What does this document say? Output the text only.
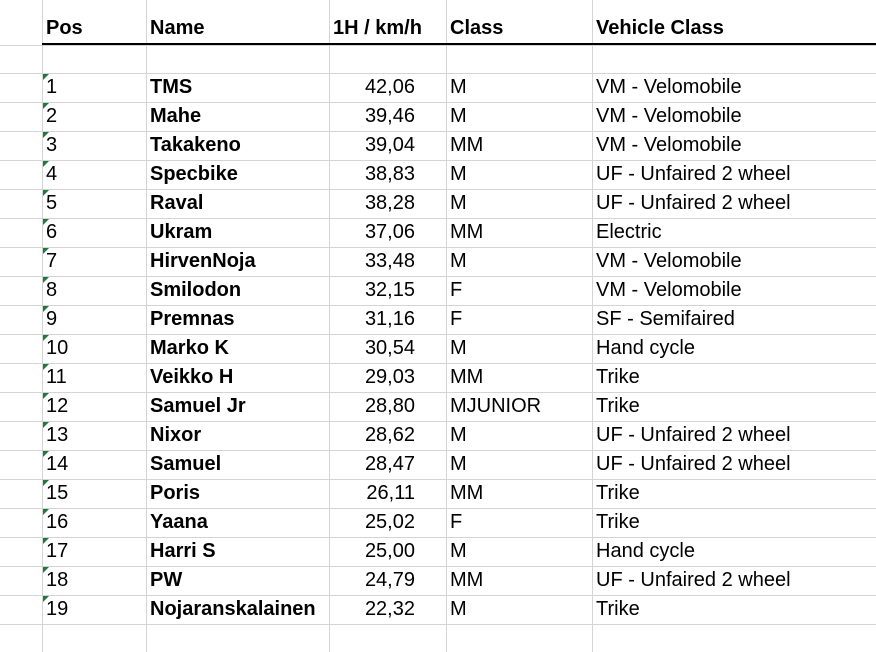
Pos	Name	1H / km/h	Class	Vehicle Class
1	TMS	42,06	M	VM - Velomobile
2	Mahe	39,46	M	VM - Velomobile
3	Takakeno	39,04	MM	VM - Velomobile
4	Specbike	38,83	M	UF - Unfaired 2 wheel
5	Raval	38,28	M	UF - Unfaired 2 wheel
6	Ukram	37,06	MM	Electric
7	HirvenNoja	33,48	M	VM - Velomobile
8	Smilodon	32,15	F	VM - Velomobile
9	Premnas	31,16	F	SF - Semifaired
10	Marko K	30,54	M	Hand cycle
11	Veikko H	29,03	MM	Trike
12	Samuel Jr	28,80	MJUNIOR	Trike
13	Nixor	28,62	M	UF - Unfaired 2 wheel
14	Samuel	28,47	M	UF - Unfaired 2 wheel
15	Poris	26,11	MM	Trike
16	Yaana	25,02	F	Trike
17	Harri S	25,00	M	Hand cycle
18	PW	24,79	MM	UF - Unfaired 2 wheel
19	Nojaranskalainen	22,32	M	Trike
